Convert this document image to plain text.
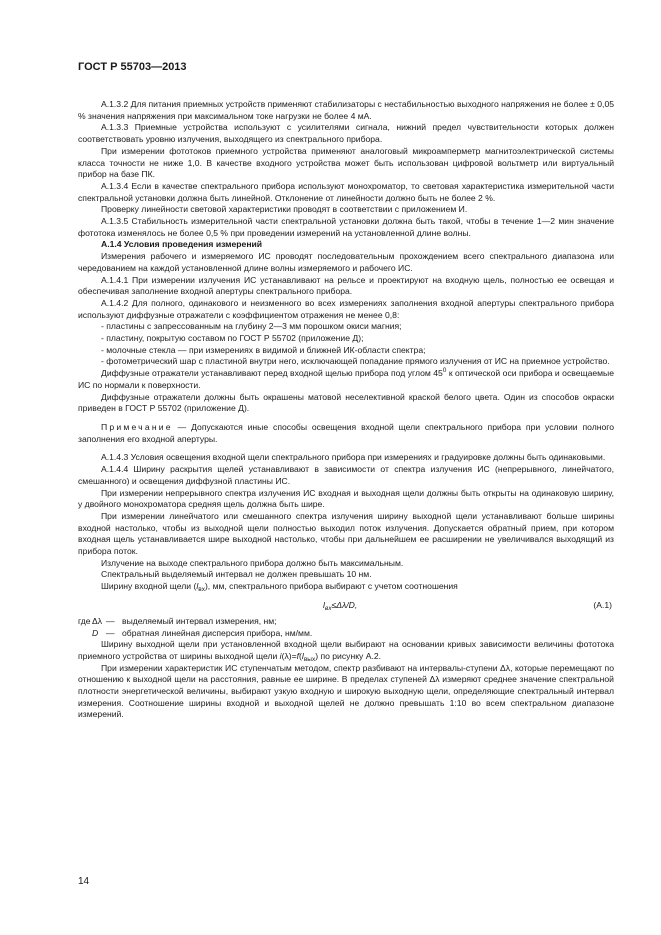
ГОСТ Р 55703—2013

А.1.3.2 Для питания приемных устройств применяют стабилизаторы с нестабильностью выходного напряжения не более ± 0,05 % значения напряжения при максимальном токе нагрузки не более 4 мА.

А.1.3.3 Приемные устройства используют с усилителями сигнала, нижний предел чувствительности которых должен соответствовать уровню излучения, выходящего из спектрального прибора.

При измерении фототоков приемного устройства применяют аналоговый микроамперметр магнитоэлектрической системы класса точности не ниже 1,0. В качестве входного устройства может быть использован цифровой вольтметр или виртуальный прибор на базе ПК.

А.1.3.4 Если в качестве спектрального прибора используют монохроматор, то световая характеристика измерительной части спектральной установки должна быть линейной. Отклонение от линейности должно быть не более 2 %.

Проверку линейности световой характеристики проводят в соответствии с приложением И.

А.1.3.5 Стабильность измерительной части спектральной установки должна быть такой, чтобы в течение 1—2 мин значение фототока изменялось не более 0,5 % при проведении измерений на установленной длине волны.

А.1.4 Условия проведения измерений

Измерения рабочего и измеряемого ИС проводят последовательным прохождением всего спектрального диапазона или чередованием на каждой установленной длине волны измеряемого и рабочего ИС.

А.1.4.1 При измерении излучения ИС устанавливают на рельсе и проектируют на входную щель, полностью ее освещая и обеспечивая заполнение входной апертуры спектрального прибора.

А.1.4.2 Для полного, одинакового и неизменного во всех измерениях заполнения входной апертуры спектрального прибора используют диффузные отражатели с коэффициентом отражения не менее 0,8:

- пластины с запрессованным на глубину 2—3 мм порошком окиси магния;

- пластину, покрытую составом по ГОСТ Р 55702 (приложение Д);

- молочные стекла — при измерениях в видимой и ближней ИК-области спектра;

- фотометрический шар с пластиной внутри него, исключающей попадание прямого излучения от ИС на приемное устройство.

Диффузные отражатели устанавливают перед входной щелью прибора под углом $45^0$ к оптической оси прибора и освещаемые ИС по нормали к поверхности.

Диффузные отражатели должны быть окрашены матовой неселективной краской белого цвета. Один из способов окраски приведен в ГОСТ Р 55702 (приложение Д).

Примечание — Допускаются иные способы освещения входной щели спектрального прибора при условии полного заполнения его входной апертуры.

А.1.4.3 Условия освещения входной щели спектрального прибора при измерениях и градуировке должны быть одинаковыми.

А.1.4.4 Ширину раскрытия щелей устанавливают в зависимости от спектра излучения ИС (непрерывного, линейчатого, смешанного) и освещения диффузной пластины ИС.

При измерении непрерывного спектра излучения ИС входная и выходная щели должны быть открыты на одинаковую ширину, у двойного монохроматора средняя щель должна быть шире.

При измерении линейчатого или смешанного спектра излучения ширину выходной щели устанавливают больше ширины входной настолько, чтобы из выходной щели полностью выходил поток излучения. Допускается обратный прием, при котором входная щель устанавливается шире выходной настолько, чтобы при дальнейшем ее расширении не увеличивался выходящий из прибора поток.

Излучение на выходе спектрального прибора должно быть максимальным.

Спектральный выделяемый интервал не должен превышать 10 нм.

Ширину входной щели $(l_{вх})$, мм, спектрального прибора выбирают с учетом соотношения

$l_{вх}\le\Delta\lambda/D$,	(А.1)
где Δλ — выделяемый интервал измерения, нм;
D — обратная линейная дисперсия прибора, нм/мм.

Ширину выходной щели при установленной входной щели выбирают на основании кривых зависимости величины фототока приемного устройства от ширины выходной щели $i(\lambda)=f(l_{вых})$ по рисунку А.2.

При измерении характеристик ИС ступенчатым методом, спектр разбивают на интервалы-ступени Δλ, которые перемещают по отношению к выходной щели на расстояния, равные ее ширине. В пределах ступеней Δλ измеряют среднее значение спектральной плотности энергетической величины, выбирают узкую входную и широкую выходную щели, определяющие спектральный интервал измерения. Соотношение ширины входной и выходной щелей не должно превышать 1:10 во всем спектральном диапазоне измерений.

14
